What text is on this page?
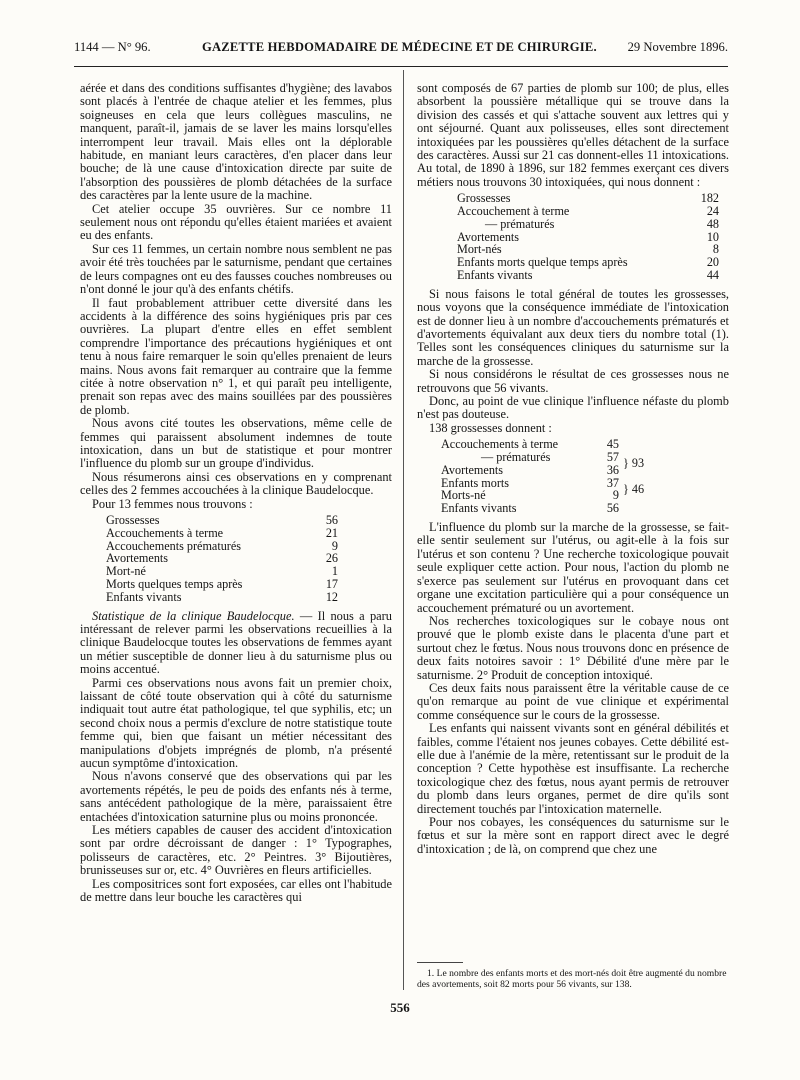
1144 — N° 96.	GAZETTE HEBDOMADAIRE DE MÉDECINE ET DE CHIRURGIE. 29 Novembre 1896.

aérée et dans des conditions suffisantes d'hygiène; des lavabos sont placés à l'entrée de chaque atelier et les femmes, plus soigneuses en cela que leurs collègues masculins, ne manquent, paraît-il, jamais de se laver les mains lorsqu'elles interrompent leur travail. Mais elles ont la déplorable habitude, en maniant leurs caractères, d'en placer dans leur bouche; de là une cause d'intoxication directe par suite de l'absorption des poussières de plomb détachées de la surface des caractères par la lente usure de la machine.

Cet atelier occupe 35 ouvrières. Sur ce nombre 11 seulement nous ont répondu qu'elles étaient mariées et avaient eu des enfants.

Sur ces 11 femmes, un certain nombre nous semblent ne pas avoir été très touchées par le saturnisme, pendant que certaines de leurs compagnes ont eu des fausses couches nombreuses ou n'ont donné le jour qu'à des enfants chétifs.

Il faut probablement attribuer cette diversité dans les accidents à la différence des soins hygiéniques pris par ces ouvrières. La plupart d'entre elles en effet semblent comprendre l'importance des précautions hygiéniques et ont tenu à nous faire remarquer le soin qu'elles prenaient de leurs mains. Nous avons fait remarquer au contraire que la femme citée à notre observation n° 1, et qui paraît peu intelligente, prenait son repas avec des mains souillées par des poussières de plomb.

Nous avons cité toutes les observations, même celle de femmes qui paraissent absolument indemnes de toute intoxication, dans un but de statistique et pour montrer l'influence du plomb sur un groupe d'individus.

Nous résumerons ainsi ces observations en y comprenant celles des 2 femmes accouchées à la clinique Baudelocque.

Pour 13 femmes nous trouvons :

Grossesses	56
Accouchements à terme	21
Accouchements prématurés	9
Avortements	26
Mort-né	1
Morts quelques temps après	17
Enfants vivants	12

Statistique de la clinique Baudelocque. — Il nous a paru intéressant de relever parmi les observations recueillies à la clinique Baudelocque toutes les observations de femmes ayant un métier susceptible de donner lieu à du saturnisme plus ou moins accentué.

Parmi ces observations nous avons fait un premier choix, laissant de côté toute observation qui à côté du saturnisme indiquait tout autre état pathologique, tel que syphilis, etc; un second choix nous a permis d'exclure de notre statistique toute femme qui, bien que faisant un métier nécessitant des manipulations d'objets imprégnés de plomb, n'a présenté aucun symptôme d'intoxication.

Nous n'avons conservé que des observations qui par les avortements répétés, le peu de poids des enfants nés à terme, sans antécédent pathologique de la mère, paraissaient être entachées d'intoxication saturnine plus ou moins prononcée.

Les métiers capables de causer des accident d'intoxication sont par ordre décroissant de danger : 1° Typographes, polisseurs de caractères, etc. 2° Peintres. 3° Bijoutières, brunisseuses sur or, etc. 4° Ouvrières en fleurs artificielles.

Les compositrices sont fort exposées, car elles ont l'habitude de mettre dans leur bouche les caractères qui

sont composés de 67 parties de plomb sur 100; de plus, elles absorbent la poussière métallique qui se trouve dans la division des cassés et qui s'attache souvent aux lettres qui y ont séjourné. Quant aux polisseuses, elles sont directement intoxiquées par les poussières qu'elles détachent de la surface des caractères. Aussi sur 21 cas donnent-elles 11 intoxications. Au total, de 1890 à 1896, sur 182 femmes exerçant ces divers métiers nous trouvons 30 intoxiquées, qui nous donnent :

Grossesses	182
Accouchement à terme	24
— prématurés	48
Avortements	10
Mort-nés	8
Enfants morts quelque temps après	20
Enfants vivants	44

Si nous faisons le total général de toutes les grossesses, nous voyons que la conséquence immédiate de l'intoxication est de donner lieu à un nombre d'accouchements prématurés et d'avortements équivalant aux deux tiers du nombre total (1). Telles sont les conséquences cliniques du saturnisme sur la marche de la grossesse.

Si nous considérons le résultat de ces grossesses nous ne retrouvons que 56 vivants.

Donc, au point de vue clinique l'influence néfaste du plomb n'est pas douteuse.

138 grossesses donnent :

Accouchements à terme	45	
— prématurés	57	} 93
Avortements	36	
Enfants morts	37	} 46
Morts-né	9	
Enfants vivants	56	

L'influence du plomb sur la marche de la grossesse, se fait-elle sentir seulement sur l'utérus, ou agit-elle à la fois sur l'utérus et son contenu ? Une recherche toxicologique pouvait seule expliquer cette action. Pour nous, l'action du plomb ne s'exerce pas seulement sur l'utérus en provoquant dans cet organe une excitation particulière qui a pour conséquence un accouchement prématuré ou un avortement.

Nos recherches toxicologiques sur le cobaye nous ont prouvé que le plomb existe dans le placenta d'une part et surtout chez le fœtus. Nous nous trouvons donc en présence de deux faits notoires savoir : 1° Débilité d'une mère par le saturnisme. 2° Produit de conception intoxiqué.

Ces deux faits nous paraissent être la véritable cause de ce qu'on remarque au point de vue clinique et expérimental comme conséquence sur le cours de la grossesse.

Les enfants qui naissent vivants sont en général débilités et faibles, comme l'étaient nos jeunes cobayes. Cette débilité est-elle due à l'anémie de la mère, retentissant sur le produit de la conception ? Cette hypothèse est insuffisante. La recherche toxicologique chez des fœtus, nous ayant permis de retrouver du plomb dans leurs organes, permet de dire qu'ils sont directement touchés par l'intoxication maternelle.

Pour nos cobayes, les conséquences du saturnisme sur le fœtus et sur la mère sont en rapport direct avec le degré d'intoxication ; de là, on comprend que chez une

1. Le nombre des enfants morts et des mort-nés doit être augmenté du nombre des avortements, soit 82 morts pour 56 vivants, sur 138.
556
